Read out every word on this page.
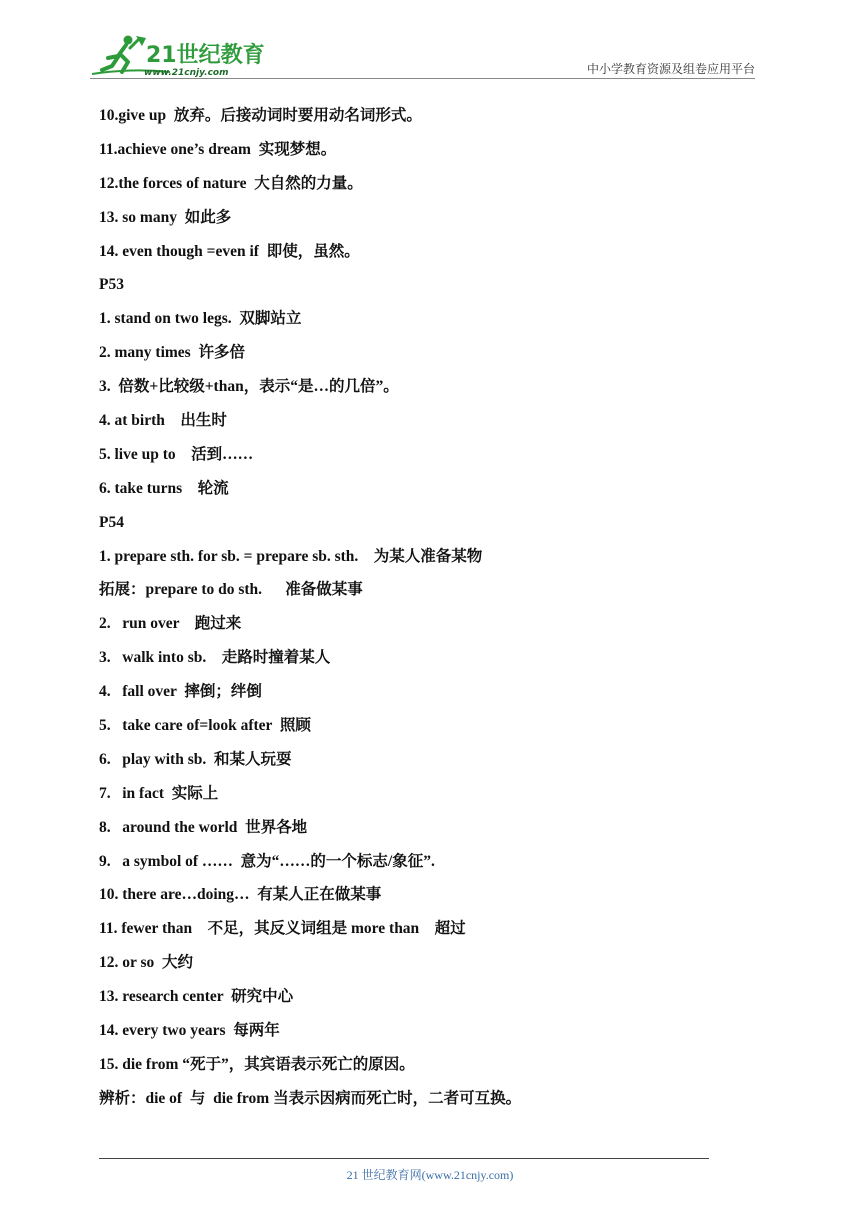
21世纪教育
www.21cnjy.com	中小学教育资源及组卷应用平台
10.give up  放弃。后接动词时要用动名词形式。
11.achieve one’s dream  实现梦想。
12.the forces of nature  大自然的力量。
13. so many  如此多
14. even though =even if  即使，虽然。
P53
1. stand on two legs.  双脚站立
2. many times  许多倍
3.  倍数+比较级+than，表示“是…的几倍”。
4. at birth    出生时
5. live up to    活到……
6. take turns    轮流
P54
1. prepare sth. for sb. = prepare sb. sth.    为某人准备某物
拓展：prepare to do sth.      准备做某事
2.   run over    跑过来
3.   walk into sb.    走路时撞着某人
4.   fall over  摔倒；绊倒
5.   take care of=look after  照顾
6.   play with sb.  和某人玩耍
7.   in fact  实际上
8.   around the world  世界各地
9.   a symbol of ……  意为“……的一个标志/象征”.
10. there are…doing…  有某人正在做某事
11. fewer than    不足，其反义词组是 more than    超过
12. or so  大约
13. research center  研究中心
14. every two years  每两年
15. die from “死于”，其宾语表示死亡的原因。
辨析：die of  与  die from 当表示因病而死亡时，二者可互换。
21 世纪教育网(www.21cnjy.com)
